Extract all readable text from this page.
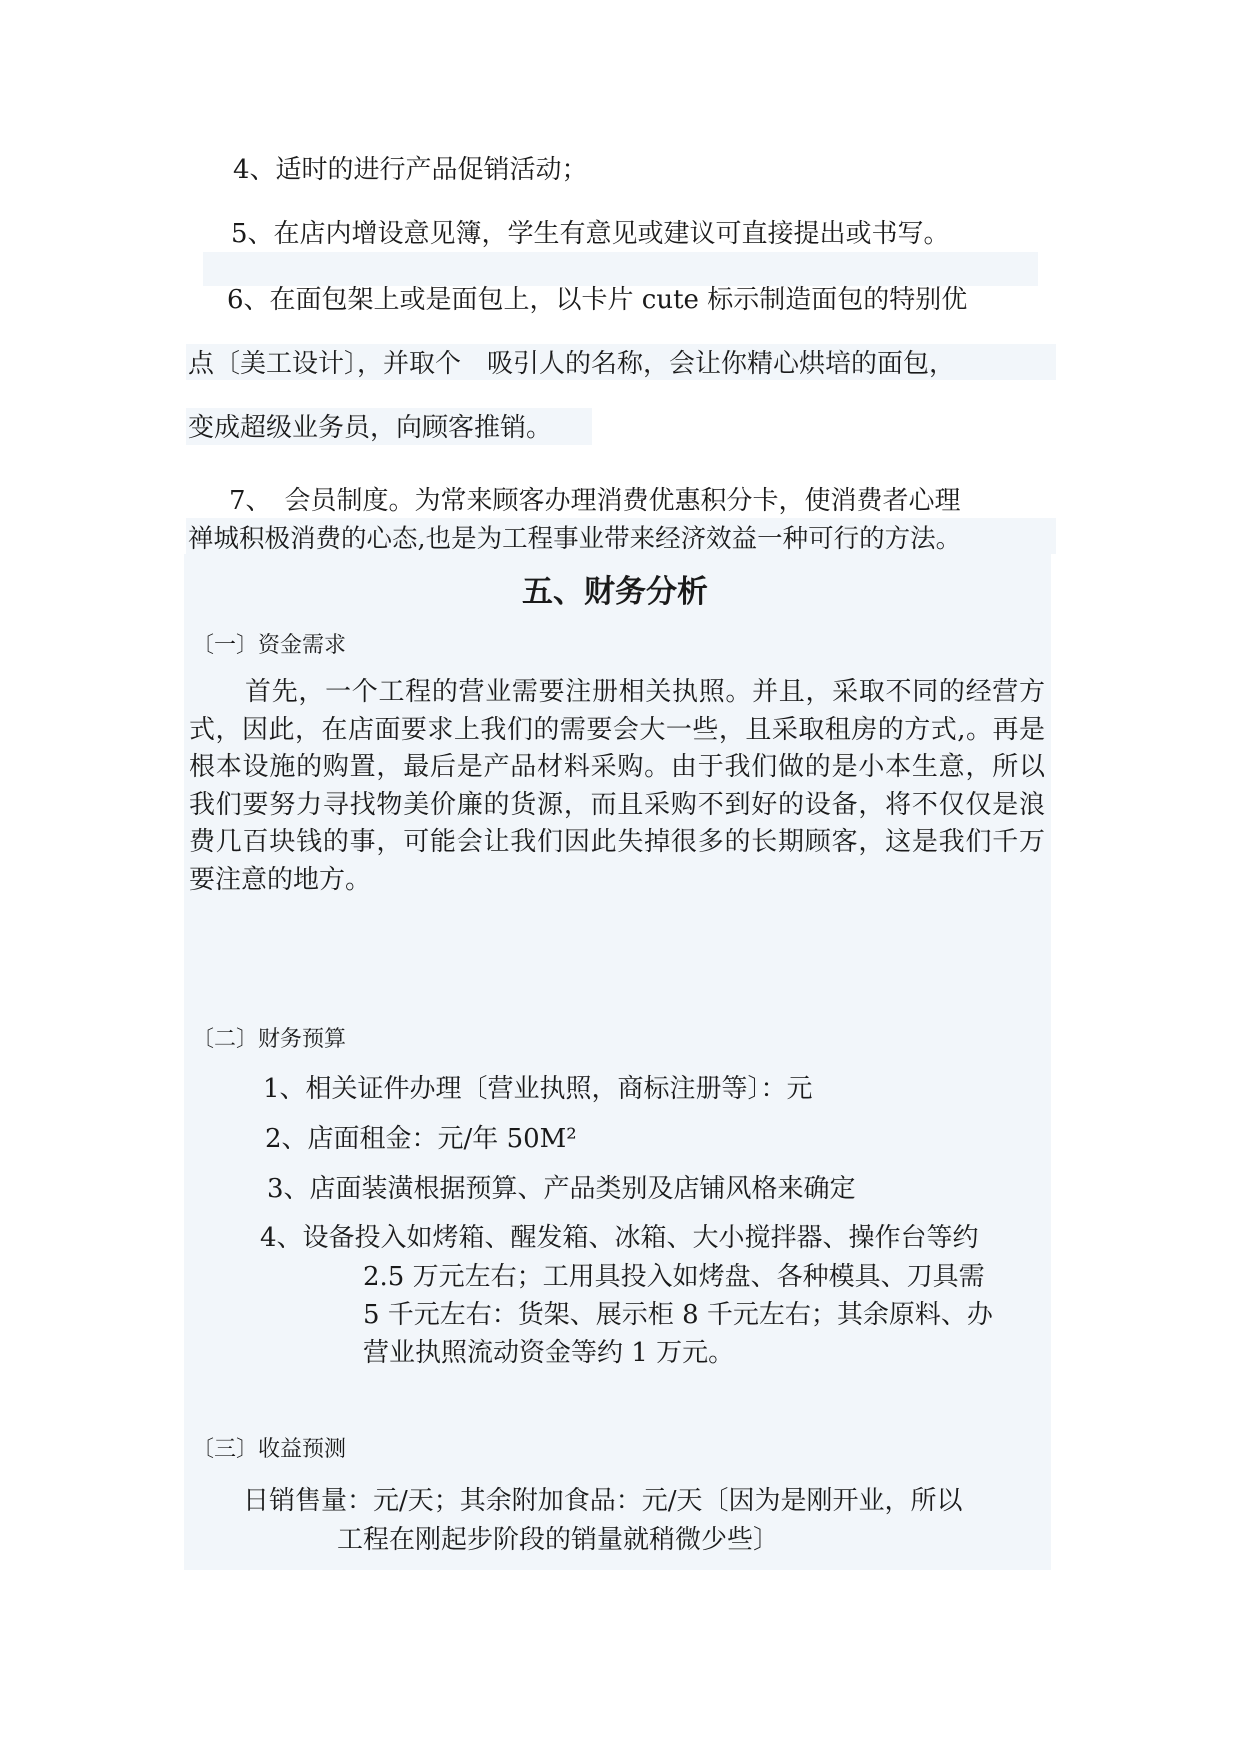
4、适时的进行产品促销活动；
5、在店内增设意见簿，学生有意见或建议可直接提出或书写。
6、在面包架上或是面包上，以卡片 cute 标示制造面包的特别优
点〔美工设计〕，并取个　吸引人的名称，会让你精心烘培的面包，
变成超级业务员，向顾客推销。
7、　会员制度。为常来顾客办理消费优惠积分卡，使消费者心理
禅城积极消费的心态,也是为工程事业带来经济效益一种可行的方法。
五、财务分析
〔一〕资金需求
首先，一个工程的营业需要注册相关执照。并且，采取不同的经营方式，因此，在店面要求上我们的需要会大一些，且采取租房的方式,。再是根本设施的购置，最后是产品材料采购。由于我们做的是小本生意，所以我们要努力寻找物美价廉的货源，而且采购不到好的设备，将不仅仅是浪费几百块钱的事，可能会让我们因此失掉很多的长期顾客，这是我们千万要注意的地方。
〔二〕财务预算
1、相关证件办理〔营业执照，商标注册等〕：元
2、店面租金：元/年 50M²
3、店面装潢根据预算、产品类别及店铺风格来确定
4、设备投入如烤箱、醒发箱、冰箱、大小搅拌器、操作台等约
2.5 万元左右；工用具投入如烤盘、各种模具、刀具需
5 千元左右：货架、展示柜 8 千元左右；其余原料、办
营业执照流动资金等约 1 万元。
〔三〕收益预测
日销售量：元/天；其余附加食品：元/天〔因为是刚开业，所以
工程在刚起步阶段的销量就稍微少些〕
